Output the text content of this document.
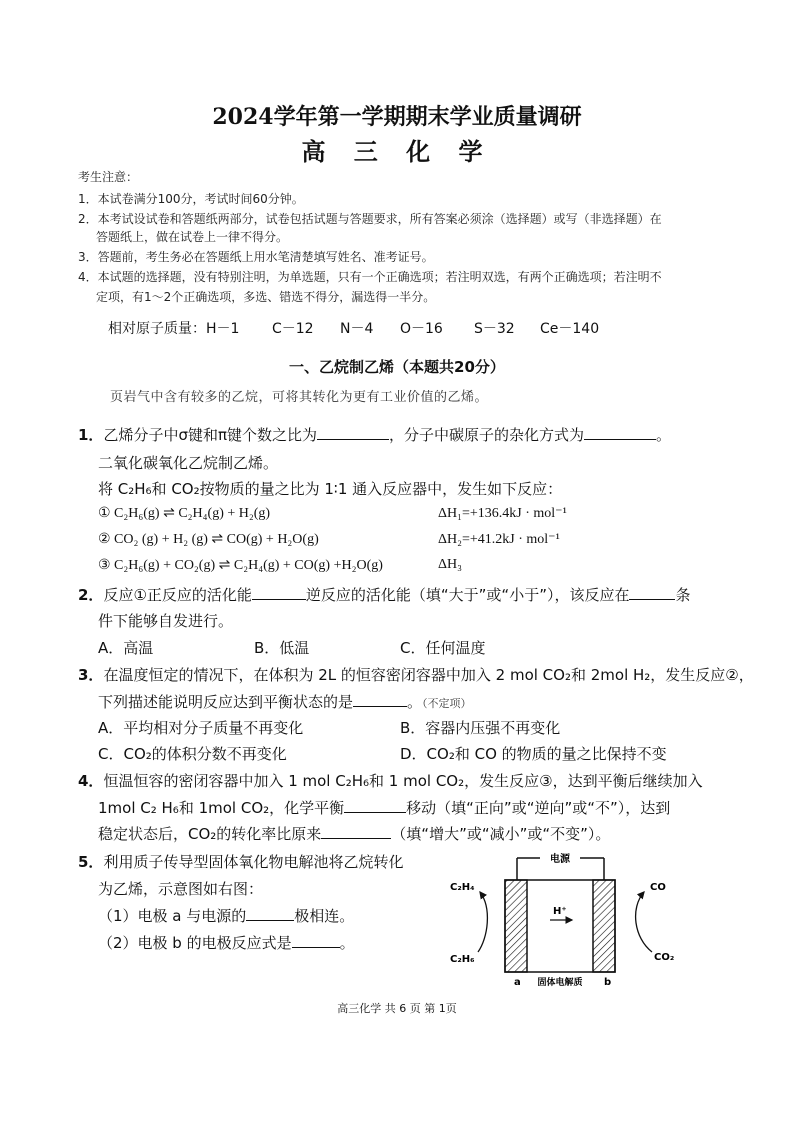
2024学年第一学期期末学业质量调研
高 三 化 学
考生注意：
1．本试卷满分100分，考试时间60分钟。
2．本考试设试卷和答题纸两部分，试卷包括试题与答题要求，所有答案必须涂（选择题）或写（非选择题）在
答题纸上，做在试卷上一律不得分。
3．答题前，考生务必在答题纸上用水笔清楚填写姓名、准考证号。
4．本试题的选择题，没有特别注明，为单选题，只有一个正确选项；若注明双选，有两个正确选项；若注明不
定项，有1～2个正确选项，多选、错选不得分，漏选得一半分。
相对原子质量： H－1 C－12 N－4 O－16 S－32 Ce－140
一、乙烷制乙烯（本题共20分）
页岩气中含有较多的乙烷，可将其转化为更有工业价值的乙烯。
1．乙烯分子中σ键和π键个数之比为	，分子中碳原子的杂化方式为	。
二氧化碳氧化乙烷制乙烯。
将 C₂H₆和 CO₂按物质的量之比为 1∶1 通入反应器中，发生如下反应：
① C₂H₆(g) ⇌ C₂H₄(g) + H₂(g)	ΔH₁=+136.4kJ · mol⁻¹
② CO₂ (g) + H₂ (g) ⇌ CO(g) + H₂O(g)	ΔH₂=+41.2kJ · mol⁻¹
③ C₂H₆(g) + CO₂(g) ⇌ C₂H₄(g) + CO(g) +H₂O(g)	ΔH₃
2．反应①正反应的活化能	逆反应的活化能（填“大于”或“小于”），该反应在	条
件下能够自发进行。
A．高温	B．低温	C．任何温度
3．在温度恒定的情况下，在体积为 2L 的恒容密闭容器中加入 2 mol CO₂和 2mol H₂，发生反应②，
下列描述能说明反应达到平衡状态的是	。（不定项）
A．平均相对分子质量不再变化	B．容器内压强不再变化
C．CO₂的体积分数不再变化	D．CO₂和 CO 的物质的量之比保持不变
4．恒温恒容的密闭容器中加入 1 mol C₂H₆和 1 mol CO₂，发生反应③，达到平衡后继续加入
1mol C₂ H₆和 1mol CO₂，化学平衡	移动（填“正向”或“逆向”或“不”），达到
稳定状态后，CO₂的转化率比原来	（填“增大”或“减小”或“不变”）。
5．利用质子传导型固体氧化物电解池将乙烷转化
为乙烯，示意图如右图：
（1）电极 a 与电源的	极相连。
（2）电极 b 的电极反应式是	。
电源
H⁺
C₂H₄
C₂H₆
CO
CO₂
a 固体电解质 b
高三化学 共 6 页 第 1页
